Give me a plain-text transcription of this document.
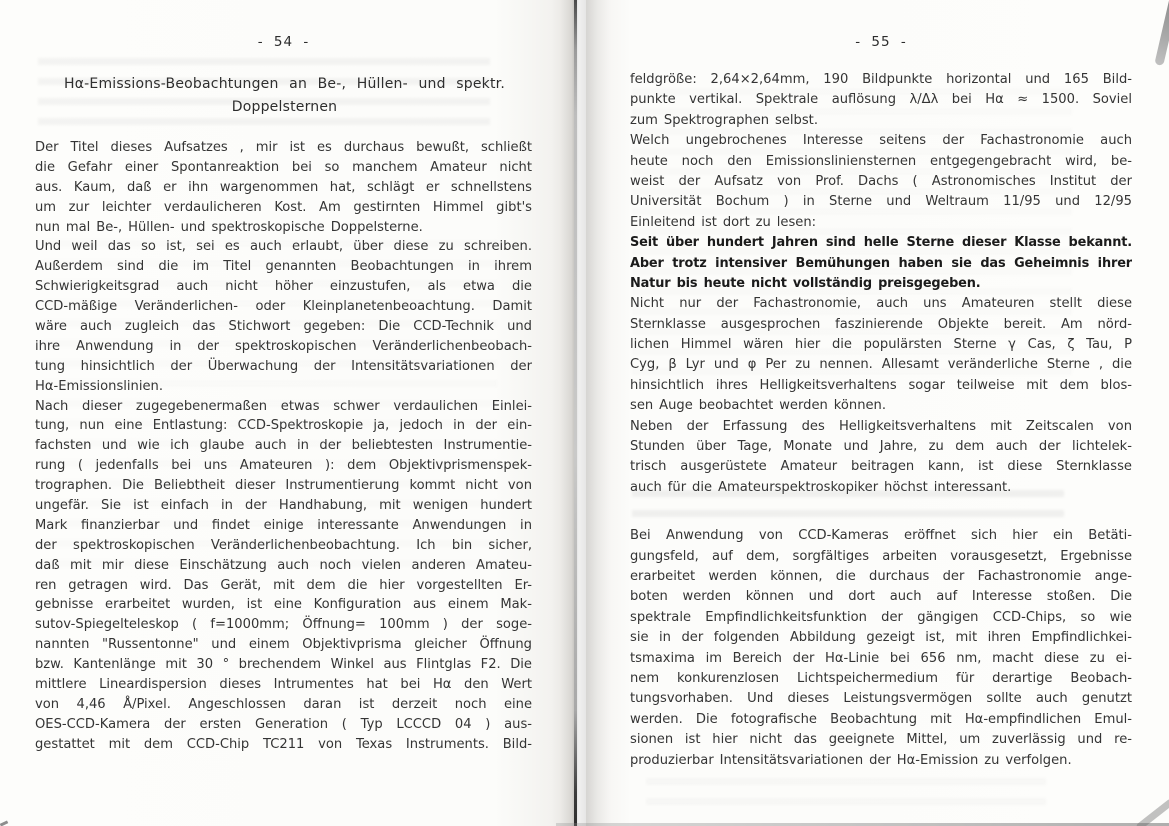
- 54 -
Hα-Emissions-Beobachtungen an Be-, Hüllen- und spektr.
Doppelsternen
Der Titel dieses Aufsatzes , mir ist es durchaus bewußt, schließt
die Gefahr einer Spontanreaktion bei so manchem Amateur nicht
aus. Kaum, daß er ihn wargenommen hat, schlägt er schnellstens
um zur leichter verdaulicheren Kost. Am gestirnten Himmel gibt's
nun mal Be-, Hüllen- und spektroskopische Doppelsterne.
Und weil das so ist, sei es auch erlaubt, über diese zu schreiben.
Außerdem sind die im Titel genannten Beobachtungen in ihrem
Schwierigkeitsgrad auch nicht höher einzustufen, als etwa die
CCD-mäßige Veränderlichen- oder Kleinplanetenbeoachtung. Damit
wäre auch zugleich das Stichwort gegeben: Die CCD-Technik und
ihre Anwendung in der spektroskopischen Veränderlichenbeobach-
tung hinsichtlich der Überwachung der Intensitätsvariationen der
Hα-Emissionslinien.
Nach dieser zugegebenermaßen etwas schwer verdaulichen Einlei-
tung, nun eine Entlastung: CCD-Spektroskopie ja, jedoch in der ein-
fachsten und wie ich glaube auch in der beliebtesten Instrumentie-
rung ( jedenfalls bei uns Amateuren ): dem Objektivprismenspek-
trographen. Die Beliebtheit dieser Instrumentierung kommt nicht von
ungefär. Sie ist einfach in der Handhabung, mit wenigen hundert
Mark finanzierbar und findet einige interessante Anwendungen in
der spektroskopischen Veränderlichenbeobachtung. Ich bin sicher,
daß mit mir diese Einschätzung auch noch vielen anderen Amateu-
ren getragen wird. Das Gerät, mit dem die hier vorgestellten Er-
gebnisse erarbeitet wurden, ist eine Konfiguration aus einem Mak-
sutov-Spiegelteleskop ( f=1000mm; Öffnung= 100mm ) der soge-
nannten "Russentonne" und einem Objektivprisma gleicher Öffnung
bzw. Kantenlänge mit 30 ° brechendem Winkel aus Flintglas F2. Die
mittlere Lineardispersion dieses Intrumentes hat bei Hα den Wert
von 4,46 Å/Pixel. Angeschlossen daran ist derzeit noch eine
OES-CCD-Kamera der ersten Generation ( Typ LCCCD 04 ) aus-
gestattet mit dem CCD-Chip TC211 von Texas Instruments. Bild-
- 55 -
feldgröße: 2,64×2,64mm, 190 Bildpunkte horizontal und 165 Bild-
punkte vertikal. Spektrale auflösung λ/Δλ bei Hα ≈ 1500. Soviel
zum Spektrographen selbst.
Welch ungebrochenes Interesse seitens der Fachastronomie auch
heute noch den Emissionsliniensternen entgegengebracht wird, be-
weist der Aufsatz von Prof. Dachs ( Astronomisches Institut der
Universität Bochum ) in Sterne und Weltraum 11/95 und 12/95
Einleitend ist dort zu lesen:
Seit über hundert Jahren sind helle Sterne dieser Klasse bekannt.
Aber trotz intensiver Bemühungen haben sie das Geheimnis ihrer
Natur bis heute nicht vollständig preisgegeben.
Nicht nur der Fachastronomie, auch uns Amateuren stellt diese
Sternklasse ausgesprochen faszinierende Objekte bereit. Am nörd-
lichen Himmel wären hier die populärsten Sterne γ Cas, ζ Tau, P
Cyg, β Lyr und φ Per zu nennen. Allesamt veränderliche Sterne , die
hinsichtlich ihres Helligkeitsverhaltens sogar teilweise mit dem blos-
sen Auge beobachtet werden können.
Neben der Erfassung des Helligkeitsverhaltens mit Zeitscalen von
Stunden über Tage, Monate und Jahre, zu dem auch der lichtelek-
trisch ausgerüstete Amateur beitragen kann, ist diese Sternklasse
auch für die Amateurspektroskopiker höchst interessant.
Bei Anwendung von CCD-Kameras eröffnet sich hier ein Betäti-
gungsfeld, auf dem, sorgfältiges arbeiten vorausgesetzt, Ergebnisse
erarbeitet werden können, die durchaus der Fachastronomie ange-
boten werden können und dort auch auf Interesse stoßen. Die
spektrale Empfindlichkeitsfunktion der gängigen CCD-Chips, so wie
sie in der folgenden Abbildung gezeigt ist, mit ihren Empfindlichkei-
tsmaxima im Bereich der Hα-Linie bei 656 nm, macht diese zu ei-
nem konkurenzlosen Lichtspeichermedium für derartige Beobach-
tungsvorhaben. Und dieses Leistungsvermögen sollte auch genutzt
werden. Die fotografische Beobachtung mit Hα-empfindlichen Emul-
sionen ist hier nicht das geeignete Mittel, um zuverlässig und re-
produzierbar Intensitätsvariationen der Hα-Emission zu verfolgen.
